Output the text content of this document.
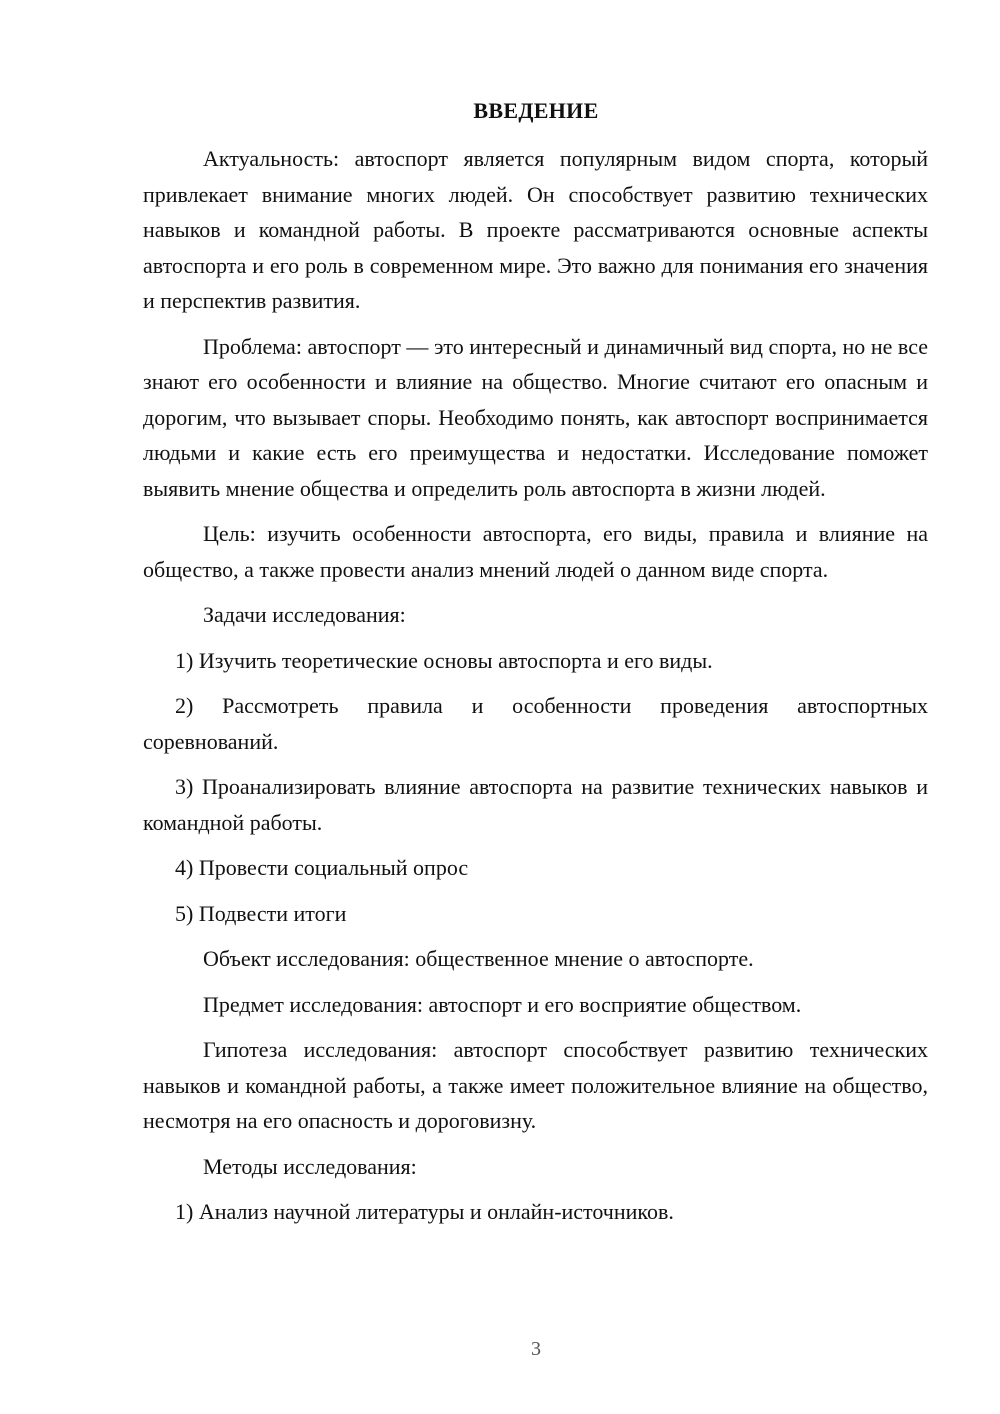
ВВЕДЕНИЕ

Актуальность: автоспорт является популярным видом спорта, который привлекает внимание многих людей. Он способствует развитию технических навыков и командной работы. В проекте рассматриваются основные аспекты автоспорта и его роль в современном мире. Это важно для понимания его значения и перспектив развития.

Проблема: автоспорт — это интересный и динамичный вид спорта, но не все знают его особенности и влияние на общество. Многие считают его опасным и дорогим, что вызывает споры. Необходимо понять, как автоспорт воспринимается людьми и какие есть его преимущества и недостатки. Исследование поможет выявить мнение общества и определить роль автоспорта в жизни людей.

Цель: изучить особенности автоспорта, его виды, правила и влияние на общество, а также провести анализ мнений людей о данном виде спорта.

Задачи исследования:

1) Изучить теоретические основы автоспорта и его виды.

2) Рассмотреть правила и особенности проведения автоспортных соревнований.

3) Проанализировать влияние автоспорта на развитие технических навыков и командной работы.

4) Провести социальный опрос

5) Подвести итоги

Объект исследования: общественное мнение о автоспорте.

Предмет исследования: автоспорт и его восприятие обществом.

Гипотеза исследования: автоспорт способствует развитию технических навыков и командной работы, а также имеет положительное влияние на общество, несмотря на его опасность и дороговизну.

Методы исследования:

1) Анализ научной литературы и онлайн-источников.

3
